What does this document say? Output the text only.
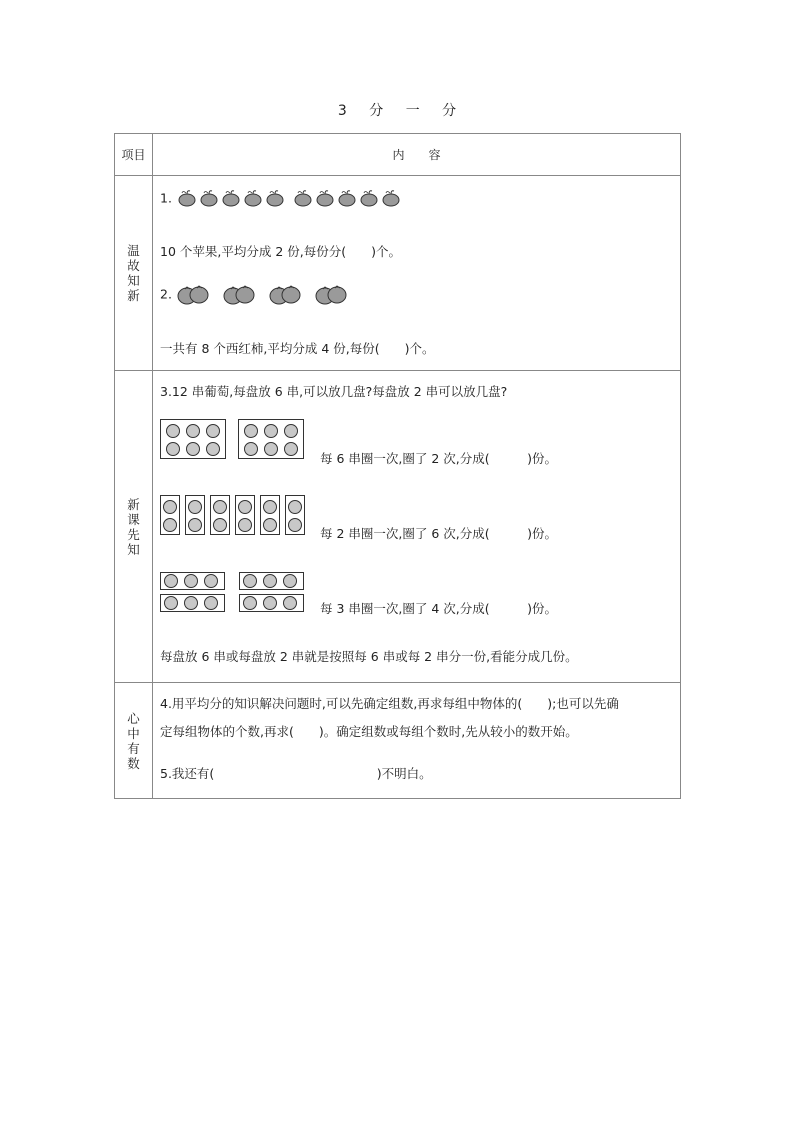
3 分 一 分
项目	内 容
温故知新	1.
10 个苹果,平均分成 2 份,每份分(　　)个。
2.
一共有 8 个西红柿,平均分成 4 份,每份(　　)个。

新课先知	3.12 串葡萄,每盘放 6 串,可以放几盘?每盘放 2 串可以放几盘?
每 6 串圈一次,圈了 2 次,分成(　　　)份。
每 2 串圈一次,圈了 6 次,分成(　　　)份。
每 3 串圈一次,圈了 4 次,分成(　　　)份。
每盘放 6 串或每盘放 2 串就是按照每 6 串或每 2 串分一份,看能分成几份。

心中有数	4.用平均分的知识解决问题时,可以先确定组数,再求每组中物体的(　　);也可以先确
定每组物体的个数,再求(　　)。确定组数或每组个数时,先从较小的数开始。
5.我还有(　　　　　　　　　　　　　)不明白。
